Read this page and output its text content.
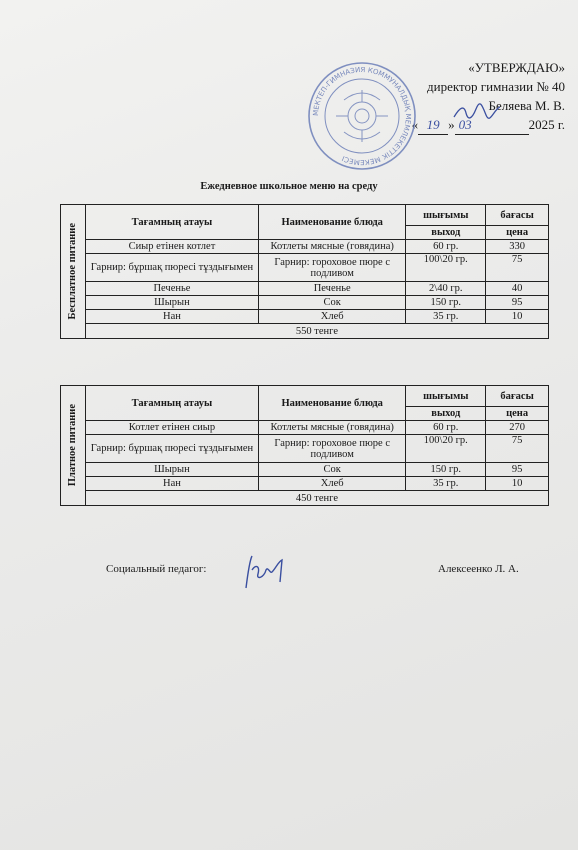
«УТВЕРЖДАЮ»
директор гимназии № 40
Беляева М. В.
« 19 » 03	2025 г.
МЕКТЕП-ГИМНАЗИЯ КОММУНАЛДЫҚ МЕМЛЕКЕТТІК МЕКЕМЕСІ
Ежедневное школьное меню на среду
Бесплатное питание	Тағамның атауы	Наименование блюда	шығымы	бағасы
			выход	цена
	Сиыр етінен котлет	Котлеты мясные (говядина)	60 гр.	330
	Гарнир: бұршақ пюресі тұздығымен	Гарнир: гороховое пюре с подливом	100\20 гр.	75
	Печенье	Печенье	2\40 гр.	40
	Шырын	Сок	150 гр.	95
	Нан	Хлеб	35 гр.	10
	550 тенге			
Платное питание	Тағамның атауы	Наименование блюда	шығымы	бағасы
			выход	цена
	Котлет етінен сиыр	Котлеты мясные (говядина)	60 гр.	270
	Гарнир: бұршақ пюресі тұздығымен	Гарнир: гороховое пюре с подливом	100\20 гр.	75
	Шырын	Сок	150 гр.	95
	Нан	Хлеб	35 гр.	10
	450 тенге			
Социальный педагог:	Алексеенко Л. А.
